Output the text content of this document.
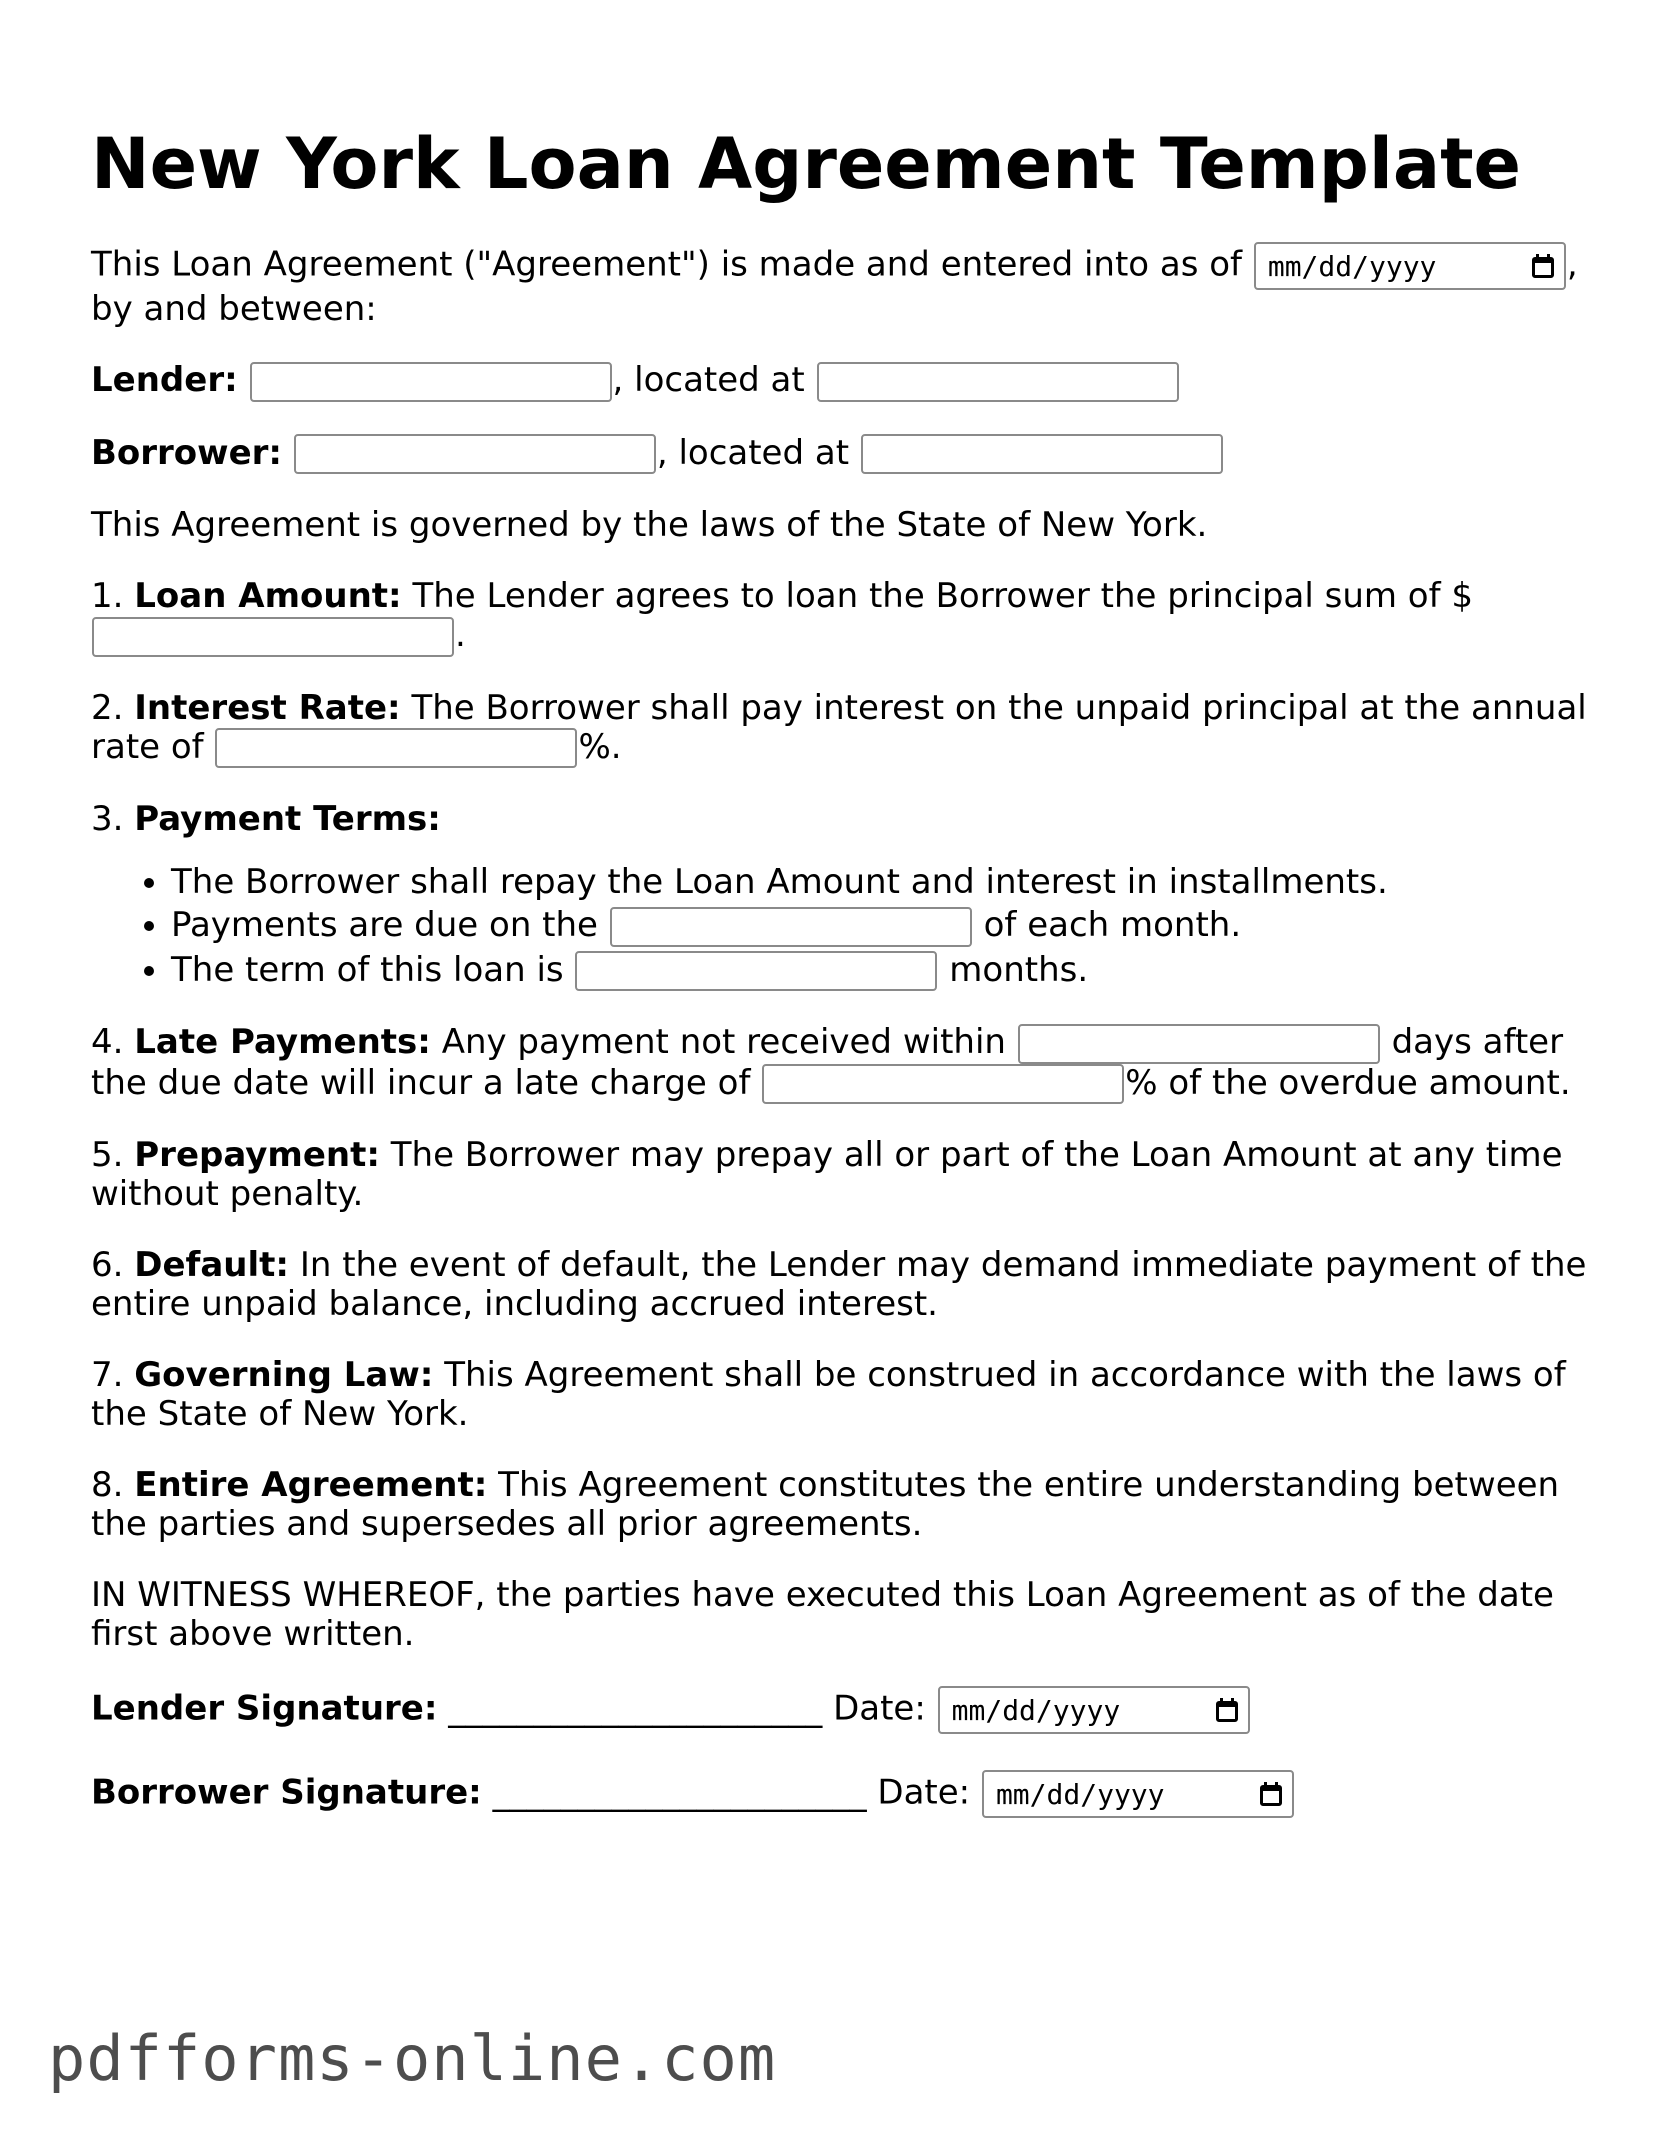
New York Loan Agreement Template

This Loan Agreement ("Agreement") is made and entered into as of mm/dd/yyyy	, by and between:

Lender:	, located at

Borrower:	, located at

This Agreement is governed by the laws of the State of New York.

1. Loan Amount: The Lender agrees to loan the Borrower the principal sum of $ .

2. Interest Rate: The Borrower shall pay interest on the unpaid principal at the annual rate of	%.

3. Payment Terms:

• The Borrower shall repay the Loan Amount and interest in installments.
• Payments are due on the	of each month.
• The term of this loan is	months.

4. Late Payments: Any payment not received within	days after the due date will incur a late charge of	% of the overdue amount.

5. Prepayment: The Borrower may prepay all or part of the Loan Amount at any time without penalty.

6. Default: In the event of default, the Lender may demand immediate payment of the entire unpaid balance, including accrued interest.

7. Governing Law: This Agreement shall be construed in accordance with the laws of the State of New York.

8. Entire Agreement: This Agreement constitutes the entire understanding between the parties and supersedes all prior agreements.

IN WITNESS WHEREOF, the parties have executed this Loan Agreement as of the date first above written.

Lender Signature: ______________________ Date: mm/dd/yyyy

Borrower Signature: ______________________ Date: mm/dd/yyyy

pdfforms-online.com
